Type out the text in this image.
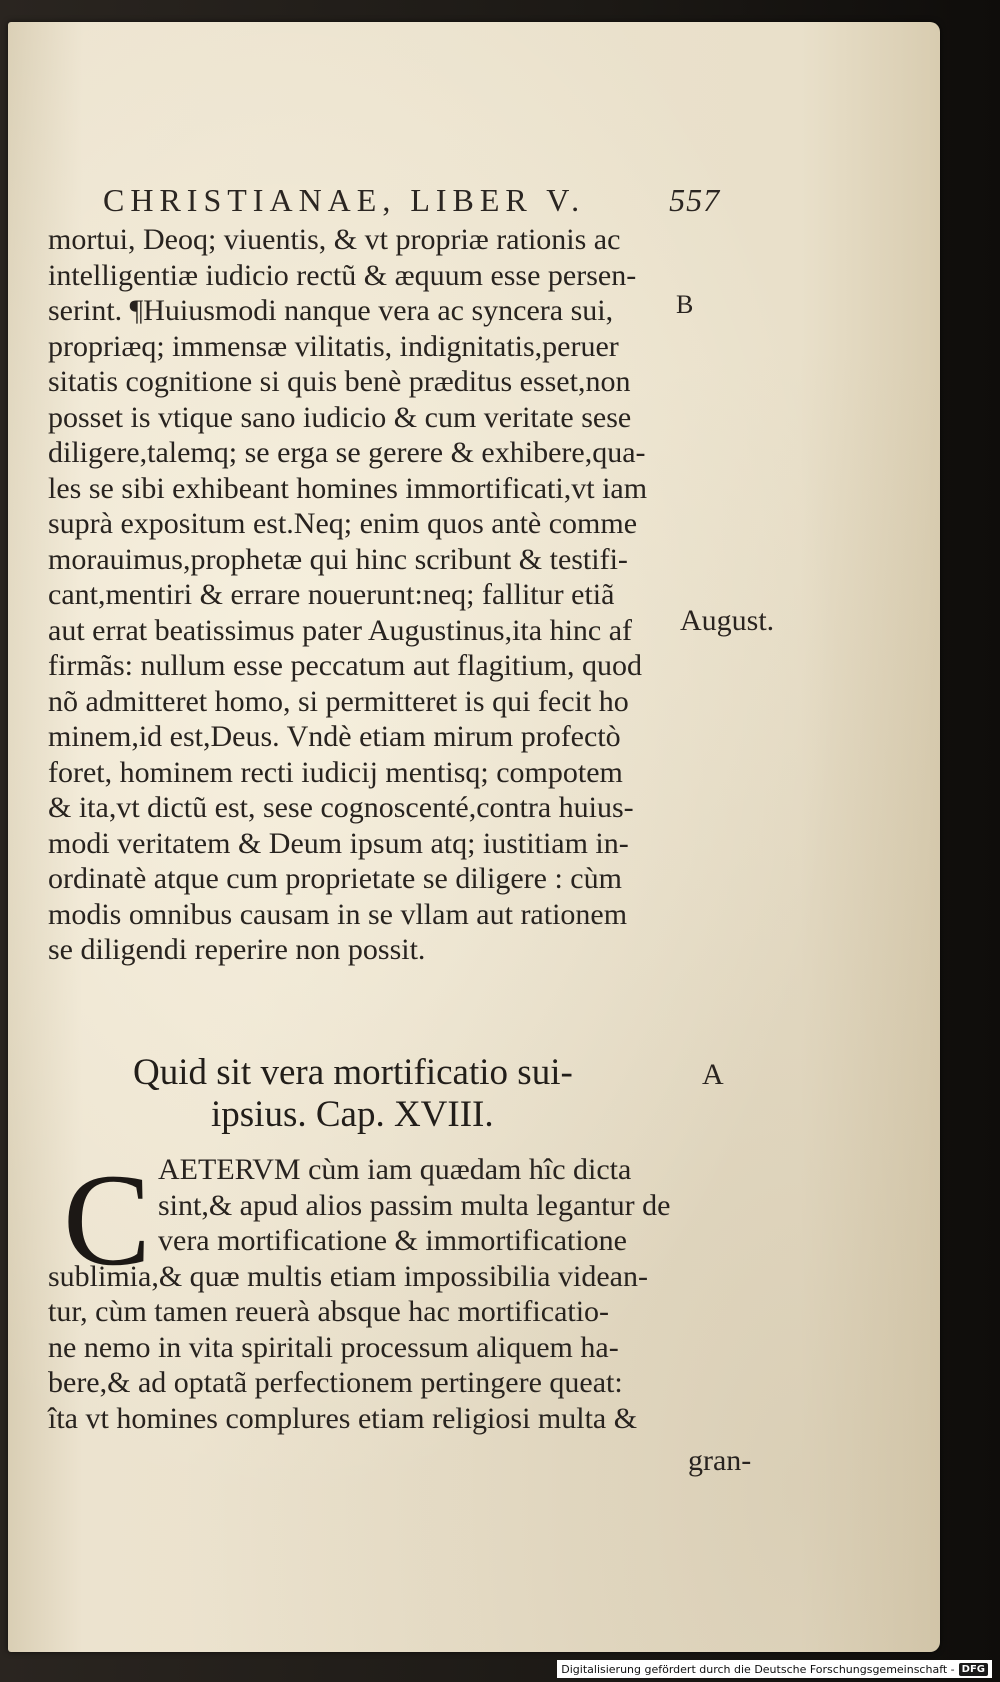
CHRISTIANAE, LIBER V.	557
mortui, Deoq; viuentis, & vt propriæ rationis ac
intelligentiæ iudicio rectũ & æquum esse persen-
serint. ¶Huiusmodi nanque vera ac syncera sui,
propriæq; immensæ vilitatis, indignitatis,peruer
sitatis cognitione si quis benè præditus esset,non
posset is vtique sano iudicio & cum veritate sese
diligere,talemq; se erga se gerere & exhibere,qua-
les se sibi exhibeant homines immortificati,vt iam
suprà expositum est.Neq; enim quos antè comme
morauimus,prophetæ qui hinc scribunt & testifi-
cant,mentiri & errare nouerunt:neq; fallitur etiã
aut errat beatissimus pater Augustinus,ita hinc af
firmãs: nullum esse peccatum aut flagitium, quod
nõ admitteret homo, si permitteret is qui fecit ho
minem,id est,Deus. Vndè etiam mirum profectò
foret, hominem recti iudicij mentisq; compotem
& ita,vt dictũ est, sese cognoscenté,contra huius-
modi veritatem & Deum ipsum atq; iustitiam in-
ordinatè atque cum proprietate se diligere : cùm
modis omnibus causam in se vllam aut rationem
se diligendi reperire non possit.
B
August.
Quid sit vera mortificatio sui-
ipsius. Cap. XVIII.
C AETERVM cùm iam quædam hîc dicta
sint,& apud alios passim multa legantur de
vera mortificatione & immortificatione
sublimia,& quæ multis etiam impossibilia videan-
tur, cùm tamen reuerà absque hac mortificatio-
ne nemo in vita spiritali processum aliquem ha-
bere,& ad optatã perfectionem pertingere queat:
îta vt homines complures etiam religiosi multa &
A
gran-
Digitalisierung gefördert durch die Deutsche Forschungsgemeinschaft - DFG
